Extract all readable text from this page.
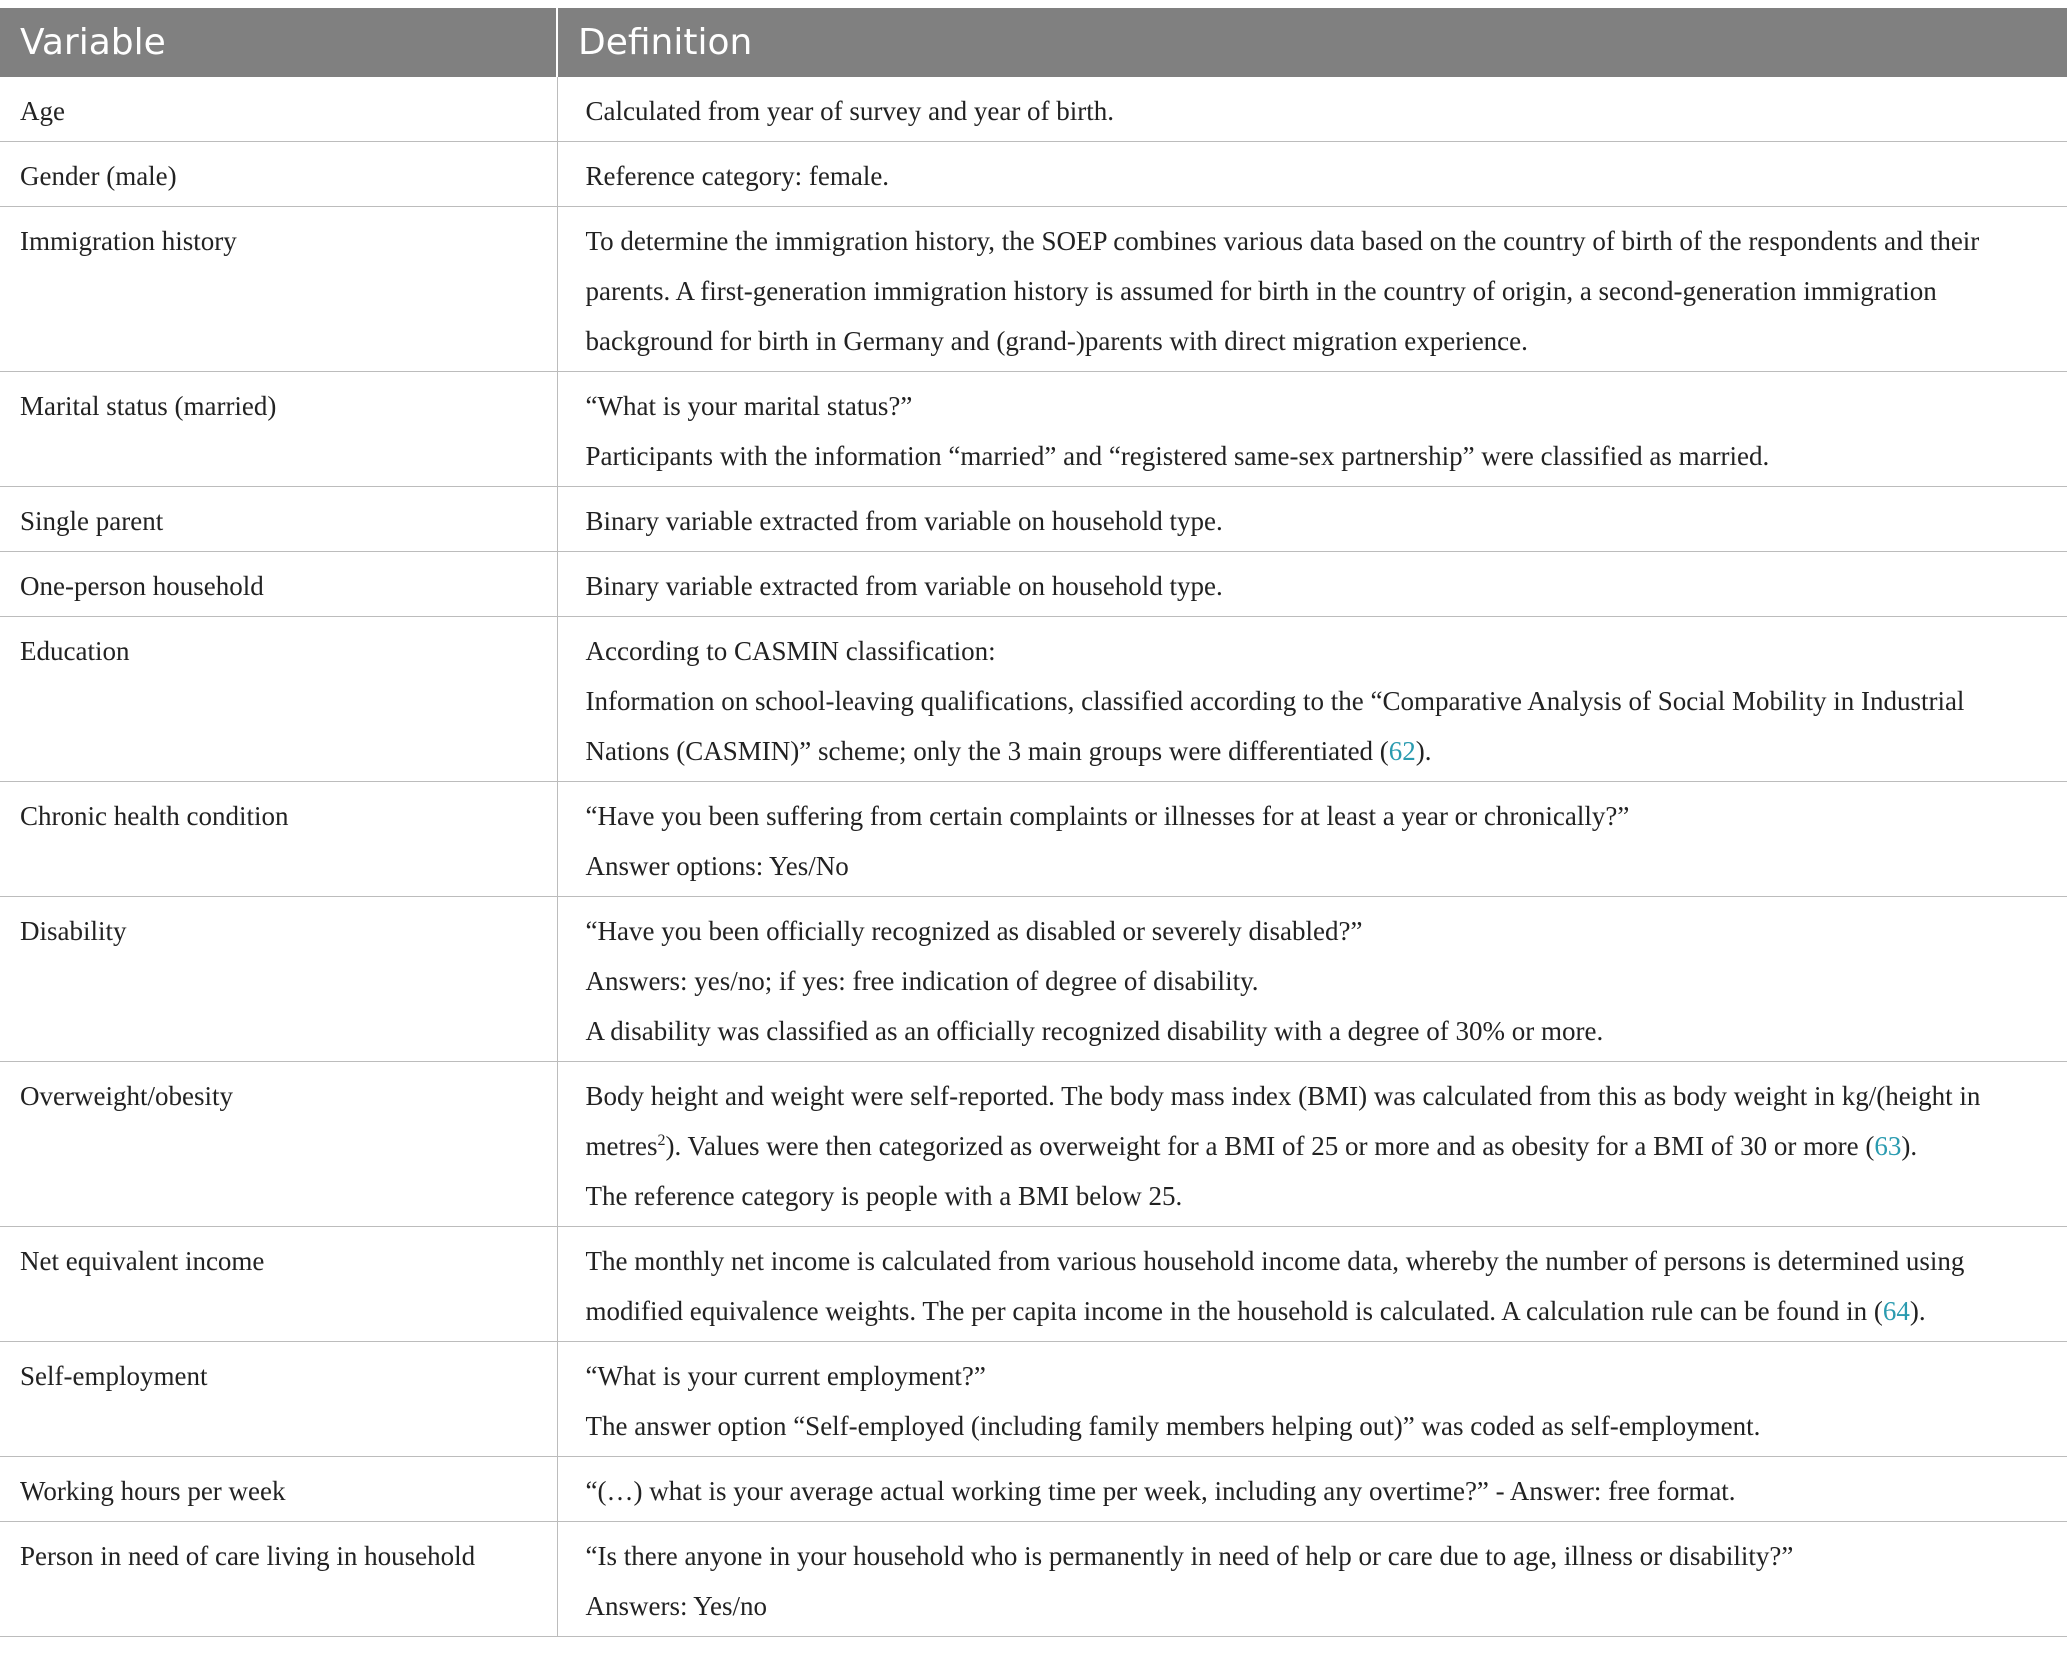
Variable	Definition
Age	Calculated from year of survey and year of birth.

Gender (male)	Reference category: female.

Immigration history	To determine the immigration history, the SOEP combines various data based on the country of birth of the respondents and their parents. A first-generation immigration history is assumed for birth in the country of origin, a second-generation immigration background for birth in Germany and (grand-)parents with direct migration experience.

Marital status (married)	“What is your marital status?”
Participants with the information “married” and “registered same-sex partnership” were classified as married.

Single parent	Binary variable extracted from variable on household type.

One-person household	Binary variable extracted from variable on household type.

Education	According to CASMIN classification:
Information on school-leaving qualifications, classified according to the “Comparative Analysis of Social Mobility in Industrial Nations (CASMIN)” scheme; only the 3 main groups were differentiated (62).

Chronic health condition	“Have you been suffering from certain complaints or illnesses for at least a year or chronically?”
Answer options: Yes/No

Disability	“Have you been officially recognized as disabled or severely disabled?”
Answers: yes/no; if yes: free indication of degree of disability.
A disability was classified as an officially recognized disability with a degree of 30% or more.

Overweight/obesity	Body height and weight were self-reported. The body mass index (BMI) was calculated from this as body weight in kg/(height in metres$^2$). Values were then categorized as overweight for a BMI of 25 or more and as obesity for a BMI of 30 or more (63).
The reference category is people with a BMI below 25.

Net equivalent income	The monthly net income is calculated from various household income data, whereby the number of persons is determined using modified equivalence weights. The per capita income in the household is calculated. A calculation rule can be found in (64).

Self-employment	“What is your current employment?”
The answer option “Self-employed (including family members helping out)” was coded as self-employment.

Working hours per week	“(…) what is your average actual working time per week, including any overtime?” - Answer: free format.

Person in need of care living in household	“Is there anyone in your household who is permanently in need of help or care due to age, illness or disability?”
Answers: Yes/no
